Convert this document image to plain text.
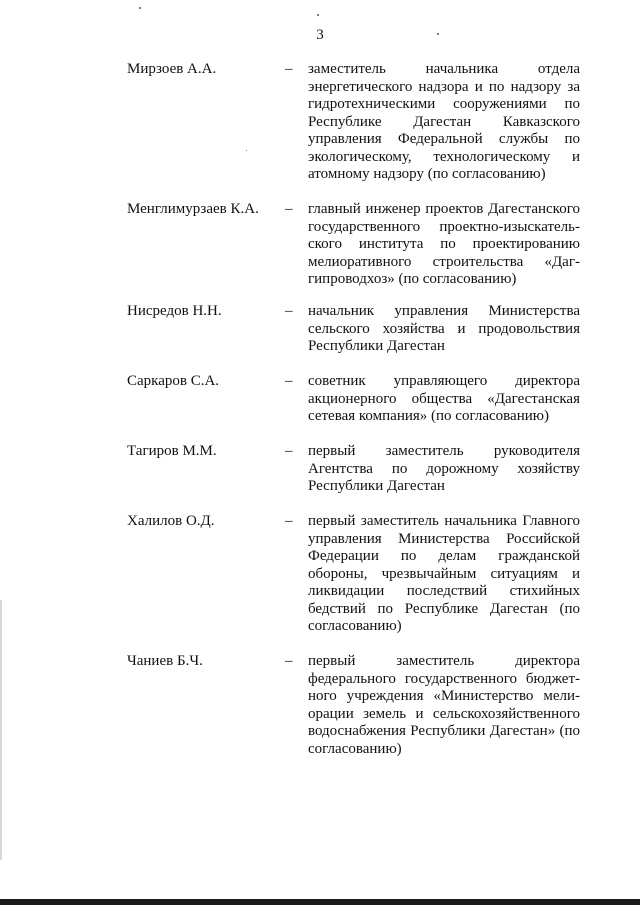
3
Мирзоев А.А.	– заместитель начальника отдела энергетического надзора и по надзору за гидротехническими сооружениями по Республике Дагестан Кавказского управления Федеральной службы по экологическому, технологическому и атомному надзору (по согласованию)
Менглимурзаев К.А. – главный инженер проектов Дагестанского государственного проектно-изыскательского института по проектированию мелиоративного строительства «Даггипроводхоз» (по согласованию)
Нисредов Н.Н.	– начальник управления Министерства сельского хозяйства и продовольствия Республики Дагестан
Саркаров С.А.	– советник управляющего директора акционерного общества «Дагестанская сетевая компания» (по согласованию)
Тагиров М.М.	– первый заместитель руководителя Агентства по дорожному хозяйству Республики Дагестан
Халилов О.Д.	– первый заместитель начальника Главного управления Министерства Российской Федерации по делам гражданской обороны, чрезвычайным ситуациям и ликвидации последствий стихийных бедствий по Республике Дагестан (по согласованию)
Чаниев Б.Ч.	– первый заместитель директора федерального государственного бюджетного учреждения «Министерство мелиорации земель и сельскохозяйственного водоснабжения Республики Дагестан» (по согласованию)
